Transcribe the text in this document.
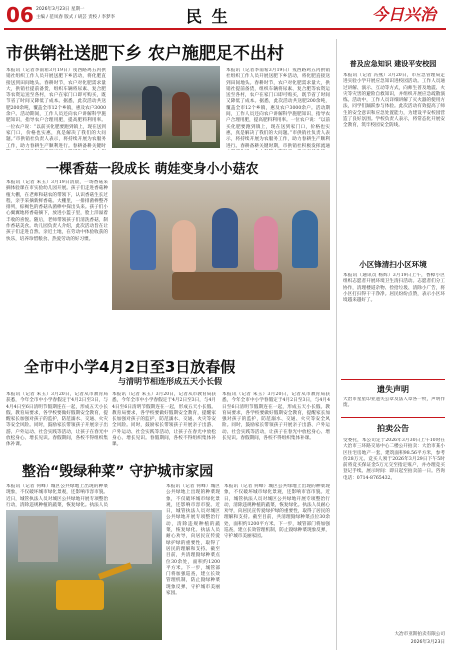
06 2026年3月23日 星期一
主编 / 范凤春 版式 / 胡芸 责校 / 李梦李	民 生	今日兴治
市供销社送肥下乡 农户施肥足不出村
本报讯（记者李南希3月19日）戎西路鸡五丙供销社组织工作人员开展送肥下乡活动，将化肥直接送到田间地头。春耕时节，农户对化肥需求量大，供销社提前备货，组织车辆将尿素、复合肥等农资运送至各村，农户在家门口即可购买，既节省了时间又降低了成本。据悉，此次活动共送肥200余吨，覆盖全市12个乡镇，惠及农户3000余户。活动期间，工作人员还向农户讲解科学施肥知识，指导农户合理用肥，提高肥料利用率。一位农户说：“以前买化肥要跑到镇上，现在送到家门口，价格也实惠，真是解决了我们的大问题。”市供销社负责人表示，将持续开展为农服务工作，助力春耕生产顺利进行。春耕备耕关键时
本报讯（记者李南希3月19日）戎西路鸡五丙供销社组织工作人员开展送肥下乡活动，将化肥直接送到田间地头。春耕时节，农户对化肥需求量大，供销社提前备货，组织车辆将尿素、复合肥等农资运送至各村，农户在家门口即可购买，既节省了时间又降低了成本。据悉，此次活动共送肥200余吨，覆盖全市12个乡镇，惠及农户3000余户。活动期间，工作人员还向农户讲解科学施肥知识，指导农户合理用肥，提高肥料利用率。一位农户说：“以前买化肥要跑到镇上，现在送到家门口，价格也实惠，真是解决了我们的大问题。”市供销社负责人表示，将持续开展为农服务工作，助力春耕生产顺利进行。春耕备耕关键时期，市供销社积极发挥流通
普及应急知识 建设平安校园
本报讯（记者 冯燕）3月20日，市应急管理局走进实验小学开展应急知识进校园活动。工作人员通过讲解、演示、互动等方式，向师生普及地震、火灾等灾害的避险自救知识，并组织开展应急疏散演练。活动中，工作人员详细讲解了灭火器的使用方法，同学们踊跃参与体验。此次活动有效提高了师生的安全意识和应急处置能力，为建设平安校园营造了良好氛围。学校负责人表示，将常态化开展安全教育，筑牢校园安全防线。
小区锋清扫小区环境
本报讯（通讯员 杨辉）3月19日上午，香樟小区组织志愿者开展环境卫生清扫活动。志愿者们分工协作，清理楼道杂物、捡拾垃圾、清除小广告，将小区打扫得干干净净。居民纷纷点赞，表示小区环境越来越好了。
遗失声明
大治市星星印业遗失公章及法人章各一枚，声明作废。
拍卖公告
受委托，本公司定于2026年3月30日上午10时在大治市三环路交易中心二楼公开拍卖：大治市某小区住宅房地产一套，建筑面积98.56平方米，参考价28万元。竞买人须于2026年3月29日下午5时前将竞买保证金5万元交至指定账户，并办理竞买登记手续。展示时间：即日起至拍卖前一日。咨询电话：0714-8765432。
大冶市亚斯拍卖有限公司
2026年3月23日
一棵香菇一段成长 萌娃变身小小菇农
本报讯（记者 朱玉）3月19日清晨，一场香菇采摘体验课在市实验幼儿园开展。孩子们走进香菇种植大棚，在老师和菇农的带领下，认识香菇生长过程，亲手采摘新鲜香菇。大棚里，一排排菌棒整齐排列，棕褐色的香菇从菌棒中探出头来。孩子们小心翼翼地将香菇摘下，放进小篮子里，脸上洋溢着丰收的喜悦。随后，老师带领孩子们清洗香菇，制作香菇美食。幼儿园负责人介绍，此次活动旨在让孩子们走进自然、亲近土地，在劳动中体验收获的快乐，培养珍惜粮食、热爱劳动的好习惯。
全市中小学4月2日至3日放春假
与清明节相连形成五天小长假
本报讯（记者 朱玉）3月20日，记者从市教育局获悉，今年全市中小学春假定于4月2日至3日，与4月4日至6日清明节假期连在一起，形成五天小长假。教育局要求，各学校要做好假期安全教育，提醒家长加强对孩子的监护，防范溺水、交通、火灾等安全风险。同时，鼓励家长带领孩子开展亲子出游、户外运动、社会实践等活动，让孩子在春光中放松身心、增长见识。春假期间，各校不得组织集体补课。
本报讯（记者 朱玉）3月20日，记者从市教育局获悉，今年全市中小学春假定于4月2日至3日，与4月4日至6日清明节假期连在一起，形成五天小长假。教育局要求，各学校要做好假期安全教育，提醒家长加强对孩子的监护，防范溺水、交通、火灾等安全风险。同时，鼓励家长带领孩子开展亲子出游、户外运动、社会实践等活动，让孩子在春光中放松身心、增长见识。春假期间，各校不得组织集体补课。
本报讯（记者 朱玉）3月20日，记者从市教育局获悉，今年全市中小学春假定于4月2日至3日，与4月4日至6日清明节假期连在一起，形成五天小长假。教育局要求，各学校要做好假期安全教育，提醒家长加强对孩子的监护，防范溺水、交通、火灾等安全风险。同时，鼓励家长带领孩子开展亲子出游、户外运动、社会实践等活动，让孩子在春光中放松身心、增长见识。春假期间，各校不得组织集体补课。
整治“毁绿种菜” 守护城市家园
本报讯（记者 何峰）城区公共绿地上出现的种菜现象，不仅破坏城市绿化景观，还影响市容市貌。近日，城管执法人员对城区公共绿地开展专项整治行动，清除违规种植的蔬菜，恢复绿化。执法人员
本报讯（记者 何峰）城区公共绿地上出现的种菜现象，不仅破坏城市绿化景观，还影响市容市貌。近日，城管执法人员对城区公共绿地开展专项整治行动，清除违规种植的蔬菜，恢复绿化。执法人员耐心劝导，向居民宣传爱绿护绿的重要性，取得了居民的理解和支持。截至目前，共清理毁绿种菜点位30余处，面积约1200平方米。下一步，城管部门将加强巡查，建立长效管理机制，防止毁绿种菜现象反弹，守护城市美丽家园。
本报讯（记者 何峰）城区公共绿地上出现的种菜现象，不仅破坏城市绿化景观，还影响市容市貌。近日，城管执法人员对城区公共绿地开展专项整治行动，清除违规种植的蔬菜，恢复绿化。执法人员耐心劝导，向居民宣传爱绿护绿的重要性，取得了居民的理解和支持。截至目前，共清理毁绿种菜点位30余处，面积约1200平方米。下一步，城管部门将加强巡查，建立长效管理机制，防止毁绿种菜现象反弹，守护城市美丽家园。
